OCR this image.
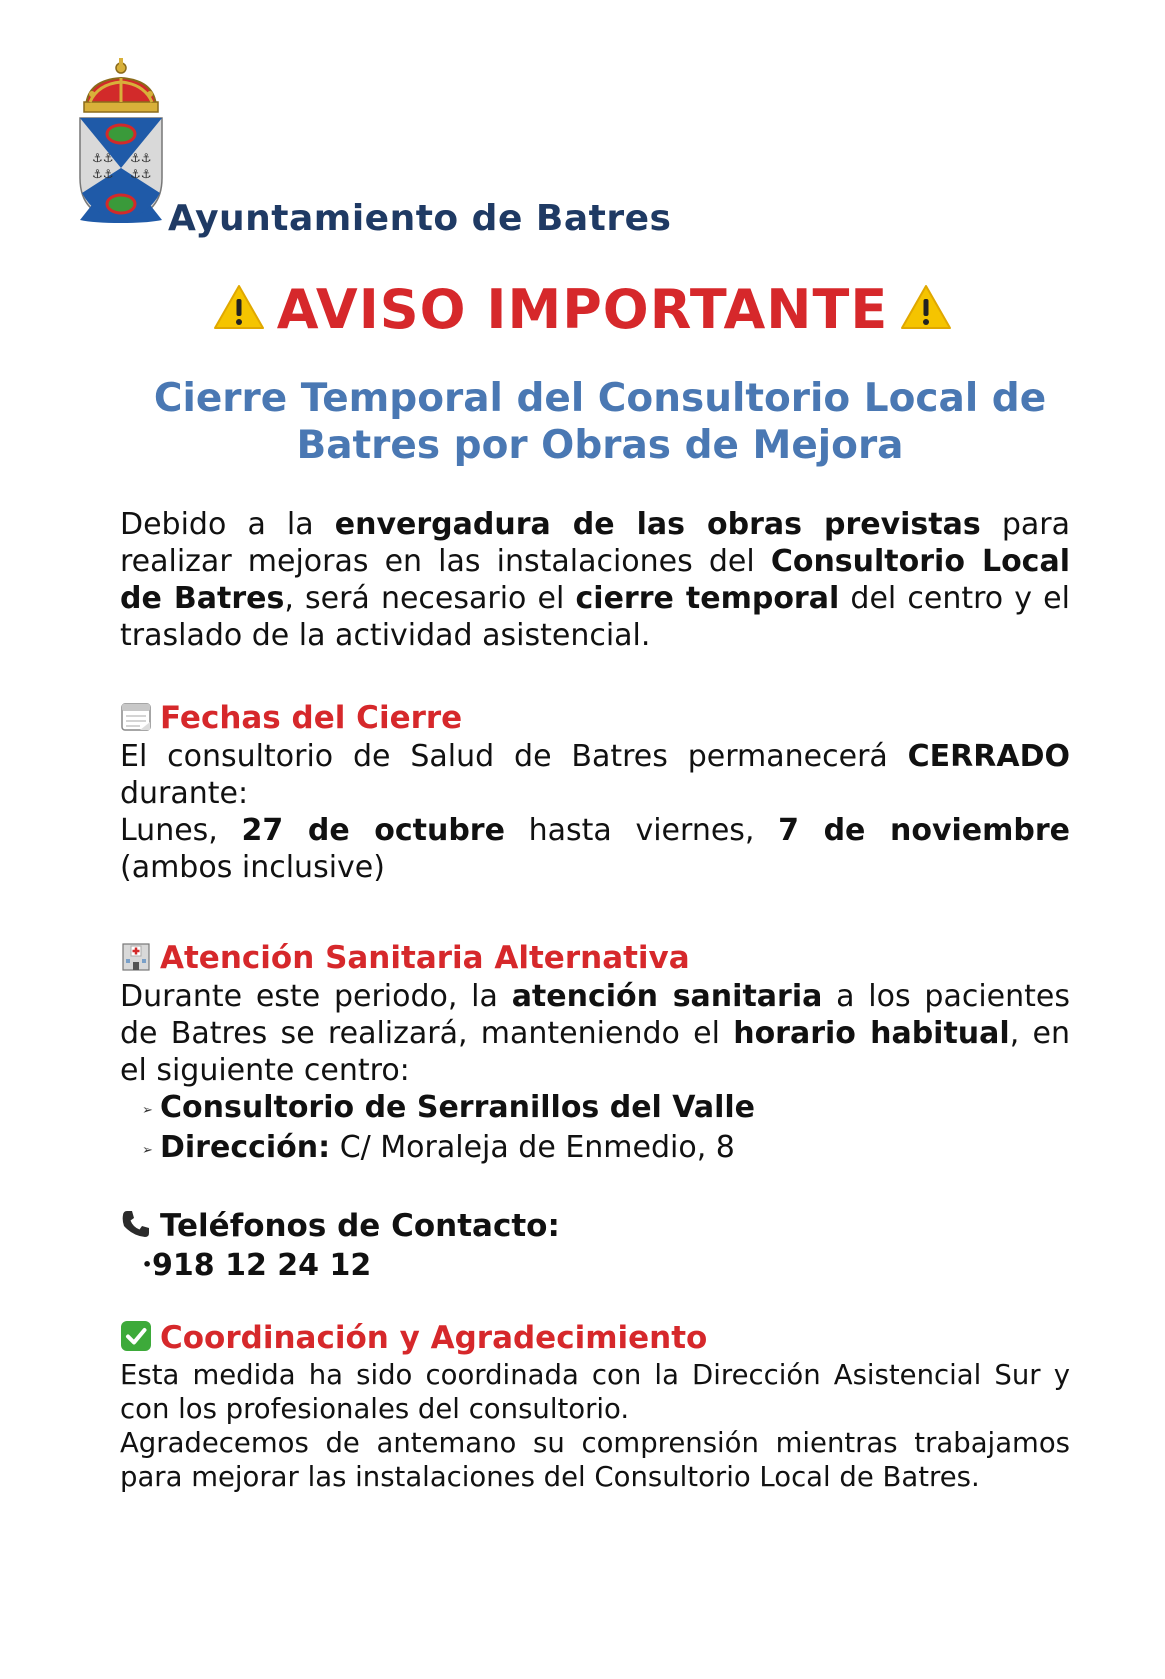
⚓⚓
⚓⚓
⚓⚓
⚓⚓
Ayuntamiento de Batres
AVISO IMPORTANTE
Cierre Temporal del Consultorio Local de
Batres por Obras de Mejora
Debido a la envergadura de las obras previstas para realizar mejoras en las instalaciones del Consultorio Local de Batres, será necesario el cierre temporal del centro y el traslado de la actividad asistencial.
Fechas del Cierre
El consultorio de Salud de Batres permanecerá CERRADO
durante:
Lunes, 27 de octubre hasta viernes, 7 de noviembre
(ambos inclusive)
Atención Sanitaria Alternativa
Durante este periodo, la atención sanitaria a los pacientes de Batres se realizará, manteniendo el horario habitual, en el siguiente centro:
➢ Consultorio de Serranillos del Valle
➢ Dirección: C/ Moraleja de Enmedio, 8
Teléfonos de Contacto:
•918 12 24 12
Coordinación y Agradecimiento
Esta medida ha sido coordinada con la Dirección Asistencial Sur y con los profesionales del consultorio.
Agradecemos de antemano su comprensión mientras trabajamos para mejorar las instalaciones del Consultorio Local de Batres.
